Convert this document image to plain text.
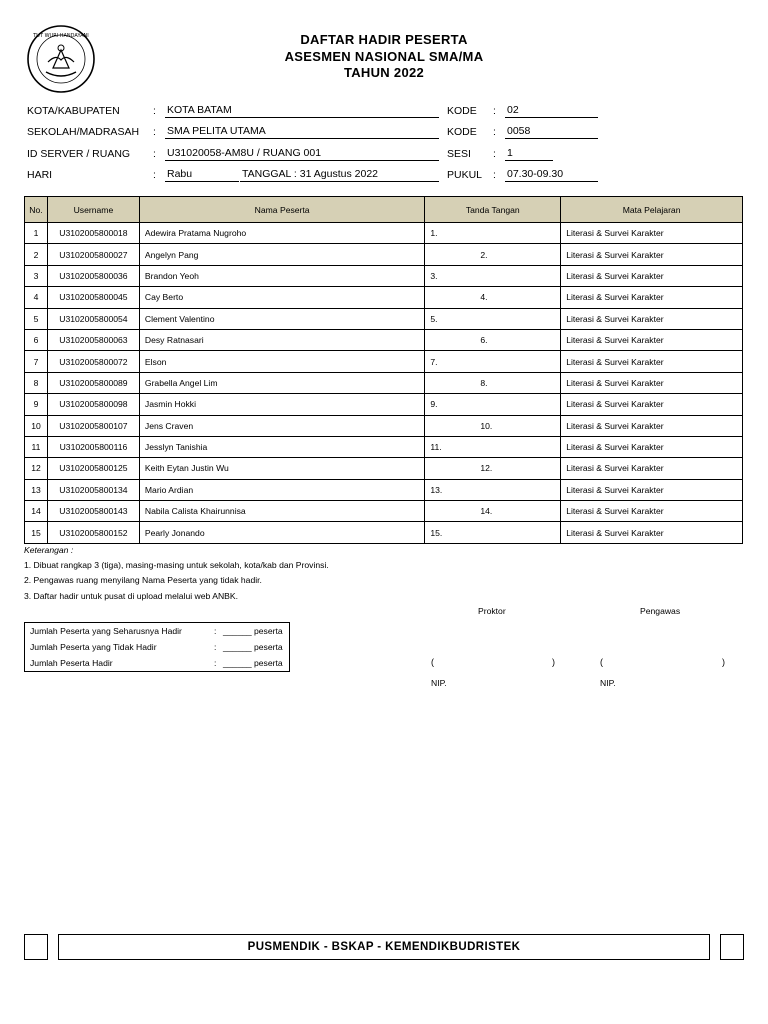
TUT WURI HANDAYANI	DAFTAR HADIR PESERTA
ASESMEN NASIONAL SMA/MA
TAHUN 2022
KOTA/KABUPATEN	: KOTA BATAM
SEKOLAH/MADRASAH : SMA PELITA UTAMA
ID SERVER / RUANG : U31020058-AM8U / RUANG 001
HARI	: Rabu	TANGGAL : 31 Agustus 2022
KODE : 02
KODE : 0058
SESI : 1
PUKUL : 07.30-09.30
No.	Username	Nama Peserta	Tanda Tangan	Mata Pelajaran
1	U3102005800018	Adewira Pratama Nugroho	1.	Literasi & Survei Karakter
2	U3102005800027	Angelyn Pang	2.	Literasi & Survei Karakter
3	U3102005800036	Brandon Yeoh	3.	Literasi & Survei Karakter
4	U3102005800045	Cay Berto	4.	Literasi & Survei Karakter
5	U3102005800054	Clement Valentino	5.	Literasi & Survei Karakter
6	U3102005800063	Desy Ratnasari	6.	Literasi & Survei Karakter
7	U3102005800072	Elson	7.	Literasi & Survei Karakter
8	U3102005800089	Grabella Angel Lim	8.	Literasi & Survei Karakter
9	U3102005800098	Jasmin Hokki	9.	Literasi & Survei Karakter
10	U3102005800107	Jens Craven	10.	Literasi & Survei Karakter
11	U3102005800116	Jesslyn Tanishia	11.	Literasi & Survei Karakter
12	U3102005800125	Keith Eytan Justin Wu	12.	Literasi & Survei Karakter
13	U3102005800134	Mario Ardian	13.	Literasi & Survei Karakter
14	U3102005800143	Nabila Calista Khairunnisa	14.	Literasi & Survei Karakter
15	U3102005800152	Pearly Jonando	15.	Literasi & Survei Karakter
Keterangan :
1. Dibuat rangkap 3 (tiga), masing-masing untuk sekolah, kota/kab dan Provinsi.
2. Pengawas ruang menyilang Nama Peserta yang tidak hadir.
3. Daftar hadir untuk pusat di upload melalui web ANBK.
Jumlah Peserta yang Seharusnya Hadir	: ______ peserta
Jumlah Peserta yang Tidak Hadir	: ______ peserta
Jumlah Peserta Hadir	: ______ peserta
Proktor	Pengawas
(	)	(	)
NIP.	NIP.
PUSMENDIK - BSKAP - KEMENDIKBUDRISTEK
